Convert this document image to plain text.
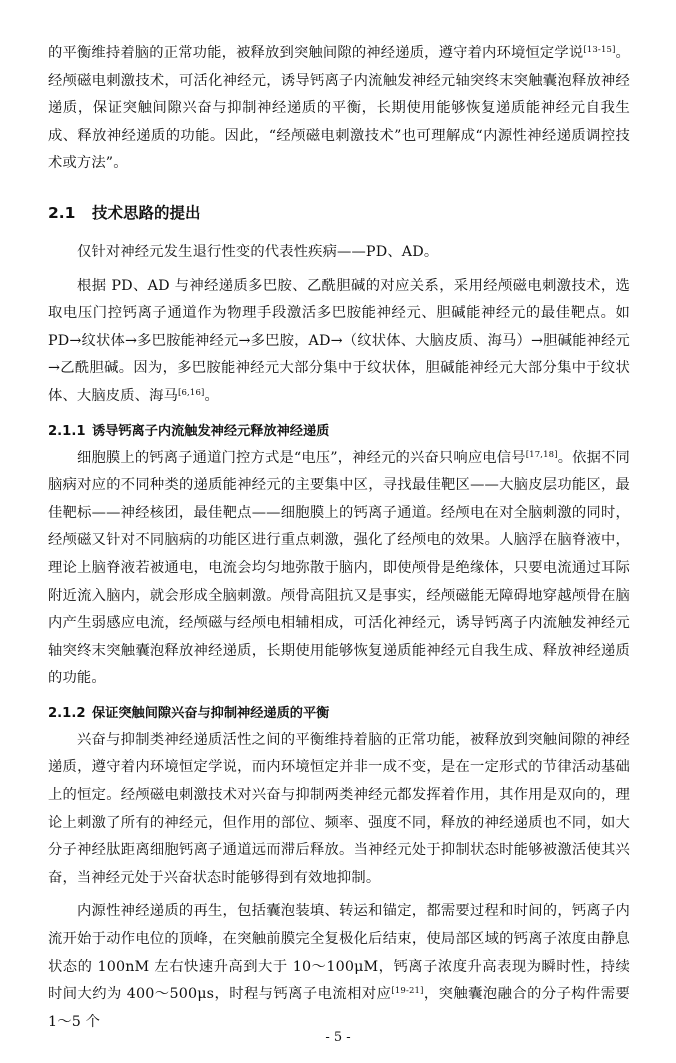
的平衡维持着脑的正常功能，被释放到突触间隙的神经递质，遵守着内环境恒定学说[13-15]。经颅磁电刺激技术，可活化神经元，诱导钙离子内流触发神经元轴突终末突触囊泡释放神经递质，保证突触间隙兴奋与抑制神经递质的平衡，长期使用能够恢复递质能神经元自我生成、释放神经递质的功能。因此，“经颅磁电刺激技术”也可理解成“内源性神经递质调控技术或方法”。

2.1 技术思路的提出

仅针对神经元发生退行性变的代表性疾病——PD、AD。

根据 PD、AD 与神经递质多巴胺、乙酰胆碱的对应关系，采用经颅磁电刺激技术，选取电压门控钙离子通道作为物理手段激活多巴胺能神经元、胆碱能神经元的最佳靶点。如PD→纹状体→多巴胺能神经元→多巴胺，AD→（纹状体、大脑皮质、海马）→胆碱能神经元→乙酰胆碱。因为，多巴胺能神经元大部分集中于纹状体，胆碱能神经元大部分集中于纹状体、大脑皮质、海马[6,16]。

2.1.1 诱导钙离子内流触发神经元释放神经递质

细胞膜上的钙离子通道门控方式是“电压”，神经元的兴奋只响应电信号[17,18]。依据不同脑病对应的不同种类的递质能神经元的主要集中区，寻找最佳靶区——大脑皮层功能区，最佳靶标——神经核团，最佳靶点——细胞膜上的钙离子通道。经颅电在对全脑刺激的同时，经颅磁又针对不同脑病的功能区进行重点刺激，强化了经颅电的效果。人脑浮在脑脊液中，理论上脑脊液若被通电，电流会均匀地弥散于脑内，即使颅骨是绝缘体，只要电流通过耳际附近流入脑内，就会形成全脑刺激。颅骨高阻抗又是事实，经颅磁能无障碍地穿越颅骨在脑内产生弱感应电流，经颅磁与经颅电相辅相成，可活化神经元，诱导钙离子内流触发神经元轴突终末突触囊泡释放神经递质，长期使用能够恢复递质能神经元自我生成、释放神经递质的功能。

2.1.2 保证突触间隙兴奋与抑制神经递质的平衡

兴奋与抑制类神经递质活性之间的平衡维持着脑的正常功能，被释放到突触间隙的神经递质，遵守着内环境恒定学说，而内环境恒定并非一成不变，是在一定形式的节律活动基础上的恒定。经颅磁电刺激技术对兴奋与抑制两类神经元都发挥着作用，其作用是双向的，理论上刺激了所有的神经元，但作用的部位、频率、强度不同，释放的神经递质也不同，如大分子神经肽距离细胞钙离子通道远而滞后释放。当神经元处于抑制状态时能够被激活使其兴奋，当神经元处于兴奋状态时能够得到有效地抑制。

内源性神经递质的再生，包括囊泡装填、转运和锚定，都需要过程和时间的，钙离子内流开始于动作电位的顶峰，在突触前膜完全复极化后结束，使局部区域的钙离子浓度由静息状态的 100nM 左右快速升高到大于 10～100μM，钙离子浓度升高表现为瞬时性，持续时间大约为 400～500μs，时程与钙离子电流相对应[19-21]，突触囊泡融合的分子构件需要 1～5 个

- 5 -
